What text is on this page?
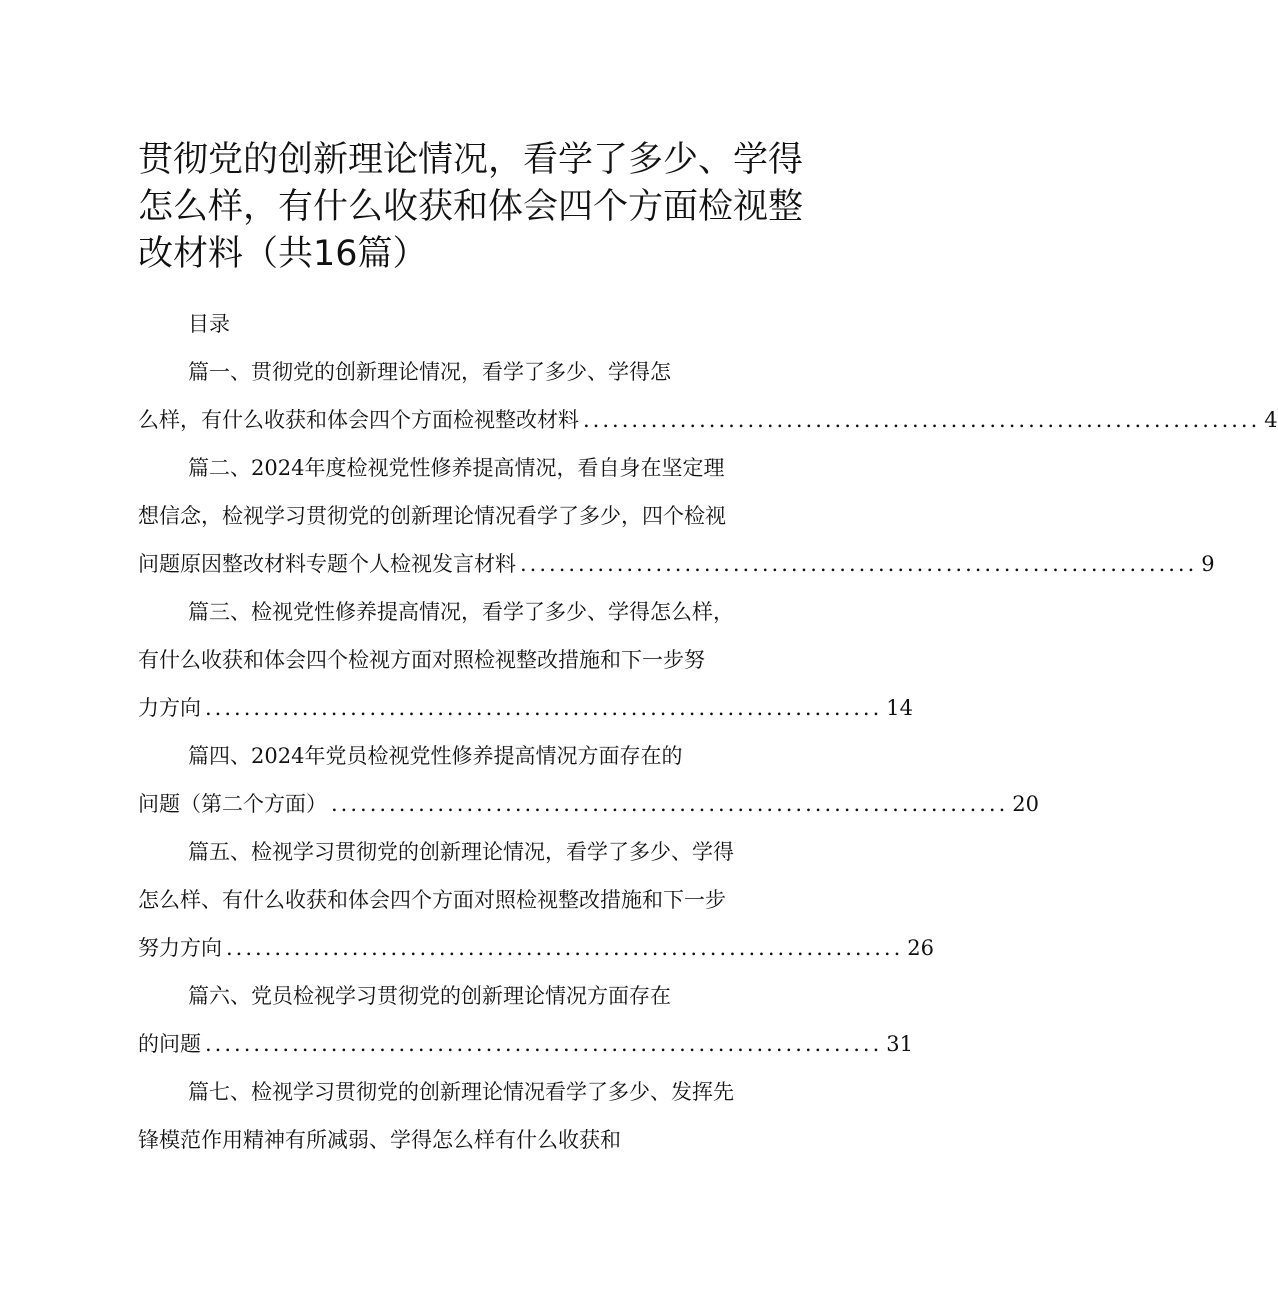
贯彻党的创新理论情况，看学了多少、学得
怎么样，有什么收获和体会四个方面检视整
改材料（共16篇）
目录
篇一、贯彻党的创新理论情况，看学了多少、学得怎
么样，有什么收获和体会四个方面检视整改材料 ...................................................................... 4
篇二、2024年度检视党性修养提高情况，看自身在坚定理
想信念，检视学习贯彻党的创新理论情况看学了多少，四个检视
问题原因整改材料专题个人检视发言材料 ...................................................................... 9
篇三、检视党性修养提高情况，看学了多少、学得怎么样，
有什么收获和体会四个检视方面对照检视整改措施和下一步努
力方向 ...................................................................... 14
篇四、2024年党员检视党性修养提高情况方面存在的
问题（第二个方面） ...................................................................... 20
篇五、检视学习贯彻党的创新理论情况，看学了多少、学得
怎么样、有什么收获和体会四个方面对照检视整改措施和下一步
努力方向 ...................................................................... 26
篇六、党员检视学习贯彻党的创新理论情况方面存在
的问题 ...................................................................... 31
篇七、检视学习贯彻党的创新理论情况看学了多少、发挥先
锋模范作用精神有所减弱、学得怎么样有什么收获和
